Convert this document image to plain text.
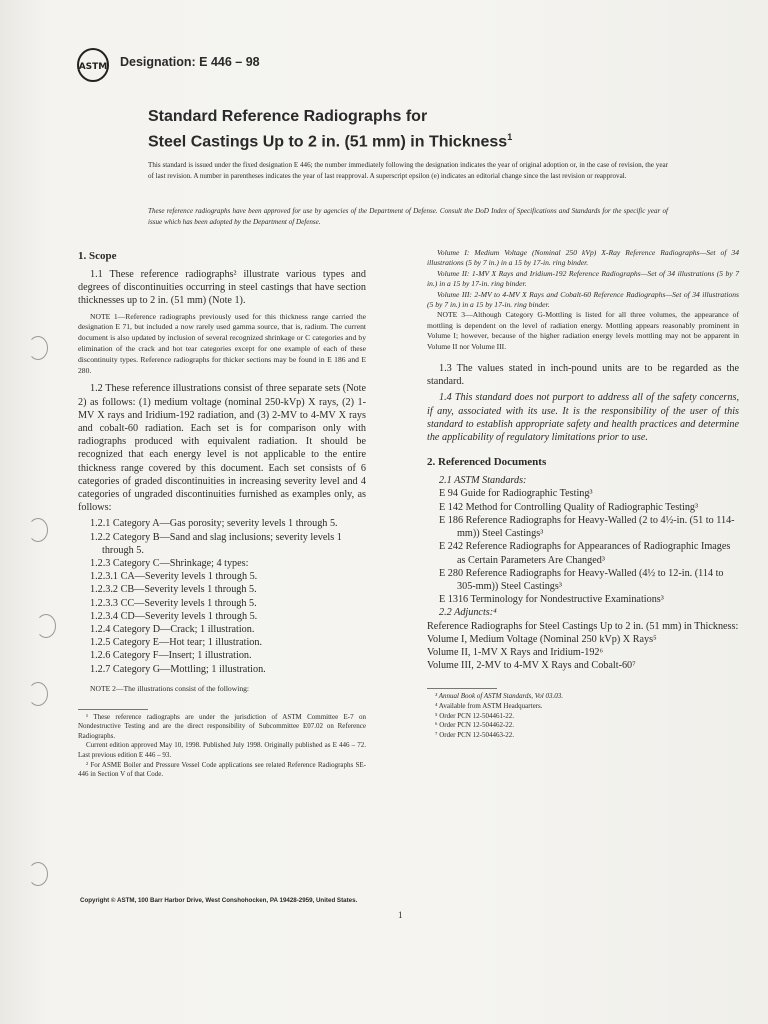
ASTM Designation: E 446 – 98
Standard Reference Radiographs for
Steel Castings Up to 2 in. (51 mm) in Thickness$^1$
This standard is issued under the fixed designation E 446; the number immediately following the designation indicates the year of original adoption or, in the case of revision, the year of last revision. A number in parentheses indicates the year of last reapproval. A superscript epsilon (e) indicates an editorial change since the last revision or reapproval.
These reference radiographs have been approved for use by agencies of the Department of Defense. Consult the DoD Index of Specifications and Standards for the specific year of issue which has been adopted by the Department of Defense.
1. Scope

1.1 These reference radiographs² illustrate various types and degrees of discontinuities occurring in steel castings that have section thicknesses up to 2 in. (51 mm) (Note 1).

NOTE 1—Reference radiographs previously used for this thickness range carried the designation E 71, but included a now rarely used gamma source, that is, radium. The current document is also updated by inclusion of several recognized shrinkage or C categories and by elimination of the crack and hot tear categories except for one example of each of these discontinuity types. Reference radiographs for thicker sections may be found in E 186 and E 280.

1.2 These reference illustrations consist of three separate sets (Note 2) as follows: (1) medium voltage (nominal 250-kVp) X rays, (2) 1-MV X rays and Iridium-192 radiation, and (3) 2-MV to 4-MV X rays and cobalt-60 radiation. Each set is for comparison only with radiographs produced with equivalent radiation. It should be recognized that each energy level is not applicable to the entire thickness range covered by this document. Each set consists of 6 categories of graded discontinuities in increasing severity level and 4 categories of ungraded discontinuities furnished as examples only, as follows:

1.2.1 Category A—Gas porosity; severity levels 1 through 5.

1.2.2 Category B—Sand and slag inclusions; severity levels 1 through 5.

1.2.3 Category C—Shrinkage; 4 types:

1.2.3.1 CA—Severity levels 1 through 5.

1.2.3.2 CB—Severity levels 1 through 5.

1.2.3.3 CC—Severity levels 1 through 5.

1.2.3.4 CD—Severity levels 1 through 5.

1.2.4 Category D—Crack; 1 illustration.

1.2.5 Category E—Hot tear; 1 illustration.

1.2.6 Category F—Insert; 1 illustration.

1.2.7 Category G—Mottling; 1 illustration.

NOTE 2—The illustrations consist of the following:

¹ These reference radiographs are under the jurisdiction of ASTM Committee E-7 on Nondestructive Testing and are the direct responsibility of Subcommittee E07.02 on Reference Radiographs.

Current edition approved May 10, 1998. Published July 1998. Originally published as E 446 – 72. Last previous edition E 446 – 93.

² For ASME Boiler and Pressure Vessel Code applications see related Reference Radiographs SE-446 in Section V of that Code.

Volume I: Medium Voltage (Nominal 250 kVp) X-Ray Reference Radiographs—Set of 34 illustrations (5 by 7 in.) in a 15 by 17-in. ring binder.

Volume II: 1-MV X Rays and Iridium-192 Reference Radiographs—Set of 34 illustrations (5 by 7 in.) in a 15 by 17-in. ring binder.

Volume III: 2-MV to 4-MV X Rays and Cobalt-60 Reference Radiographs—Set of 34 illustrations (5 by 7 in.) in a 15 by 17-in. ring binder.

NOTE 3—Although Category G-Mottling is listed for all three volumes, the appearance of mottling is dependent on the level of radiation energy. Mottling appears reasonably prominent in Volume I; however, because of the higher radiation energy levels mottling may not be apparent in Volume II nor Volume III.

1.3 The values stated in inch-pound units are to be regarded as the standard.

1.4 This standard does not purport to address all of the safety concerns, if any, associated with its use. It is the responsibility of the user of this standard to establish appropriate safety and health practices and determine the applicability of regulatory limitations prior to use.

2. Referenced Documents

2.1 ASTM Standards:

E 94 Guide for Radiographic Testing³

E 142 Method for Controlling Quality of Radiographic Testing³

E 186 Reference Radiographs for Heavy-Walled (2 to 4½-in. (51 to 114-mm)) Steel Castings³

E 242 Reference Radiographs for Appearances of Radiographic Images as Certain Parameters Are Changed³

E 280 Reference Radiographs for Heavy-Walled (4½ to 12-in. (114 to 305-mm)) Steel Castings³

E 1316 Terminology for Nondestructive Examinations³

2.2 Adjuncts:⁴

Reference Radiographs for Steel Castings Up to 2 in. (51 mm) in Thickness:

Volume I, Medium Voltage (Nominal 250 kVp) X Rays⁵

Volume II, 1-MV X Rays and Iridium-192⁶

Volume III, 2-MV to 4-MV X Rays and Cobalt-60⁷

³ Annual Book of ASTM Standards, Vol 03.03.

⁴ Available from ASTM Headquarters.

⁵ Order PCN 12-504461-22.

⁶ Order PCN 12-504462-22.

⁷ Order PCN 12-504463-22.

Copyright © ASTM, 100 Barr Harbor Drive, West Conshohocken, PA 19428-2959, United States.
1
